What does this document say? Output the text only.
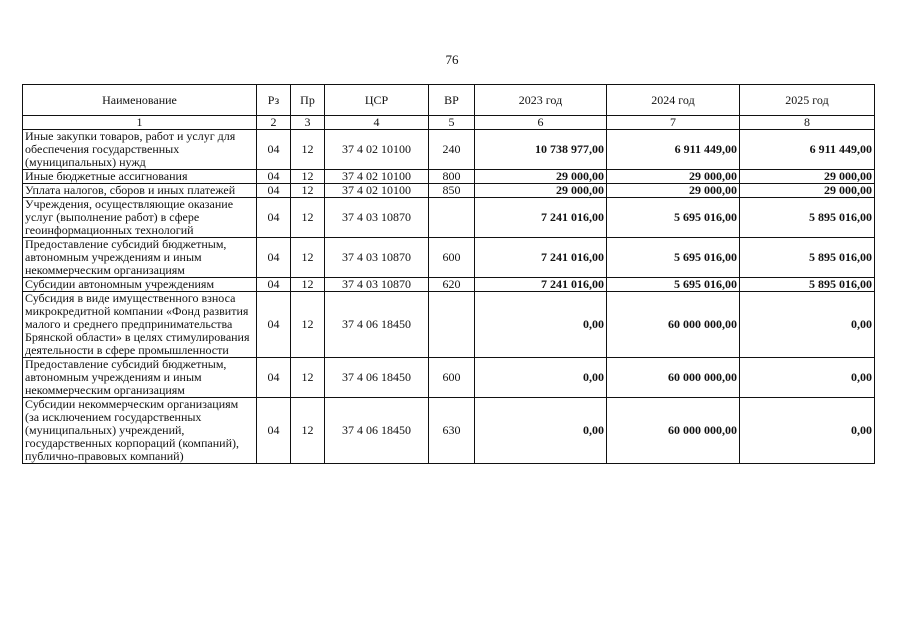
76
Наименование	Рз	Пр	ЦСР	ВР	2023 год	2024 год	2025 год
1	2	3	4	5	6	7	8
Иные закупки товаров, работ и услуг для обеспечения государственных (муниципальных) нужд	04	12	37 4 02 10100	240	10 738 977,00	6 911 449,00	6 911 449,00
Иные бюджетные ассигнования	04	12	37 4 02 10100	800	29 000,00	29 000,00	29 000,00
Уплата налогов, сборов и иных платежей	04	12	37 4 02 10100	850	29 000,00	29 000,00	29 000,00
Учреждения, осуществляющие оказание услуг (выполнение работ) в сфере геоинформационных технологий	04	12	37 4 03 10870		7 241 016,00	5 695 016,00	5 895 016,00
Предоставление субсидий бюджетным, автономным учреждениям и иным некоммерческим организациям	04	12	37 4 03 10870	600	7 241 016,00	5 695 016,00	5 895 016,00
Субсидии автономным учреждениям	04	12	37 4 03 10870	620	7 241 016,00	5 695 016,00	5 895 016,00
Субсидия в виде имущественного взноса микрокредитной компании «Фонд развития малого и среднего предпринимательства Брянской области» в целях стимулирования деятельности в сфере промышленности	04	12	37 4 06 18450		0,00	60 000 000,00	0,00
Предоставление субсидий бюджетным, автономным учреждениям и иным некоммерческим организациям	04	12	37 4 06 18450	600	0,00	60 000 000,00	0,00
Субсидии некоммерческим организациям (за исключением государственных (муниципальных) учреждений, государственных корпораций (компаний), публично-правовых компаний)	04	12	37 4 06 18450	630	0,00	60 000 000,00	0,00
